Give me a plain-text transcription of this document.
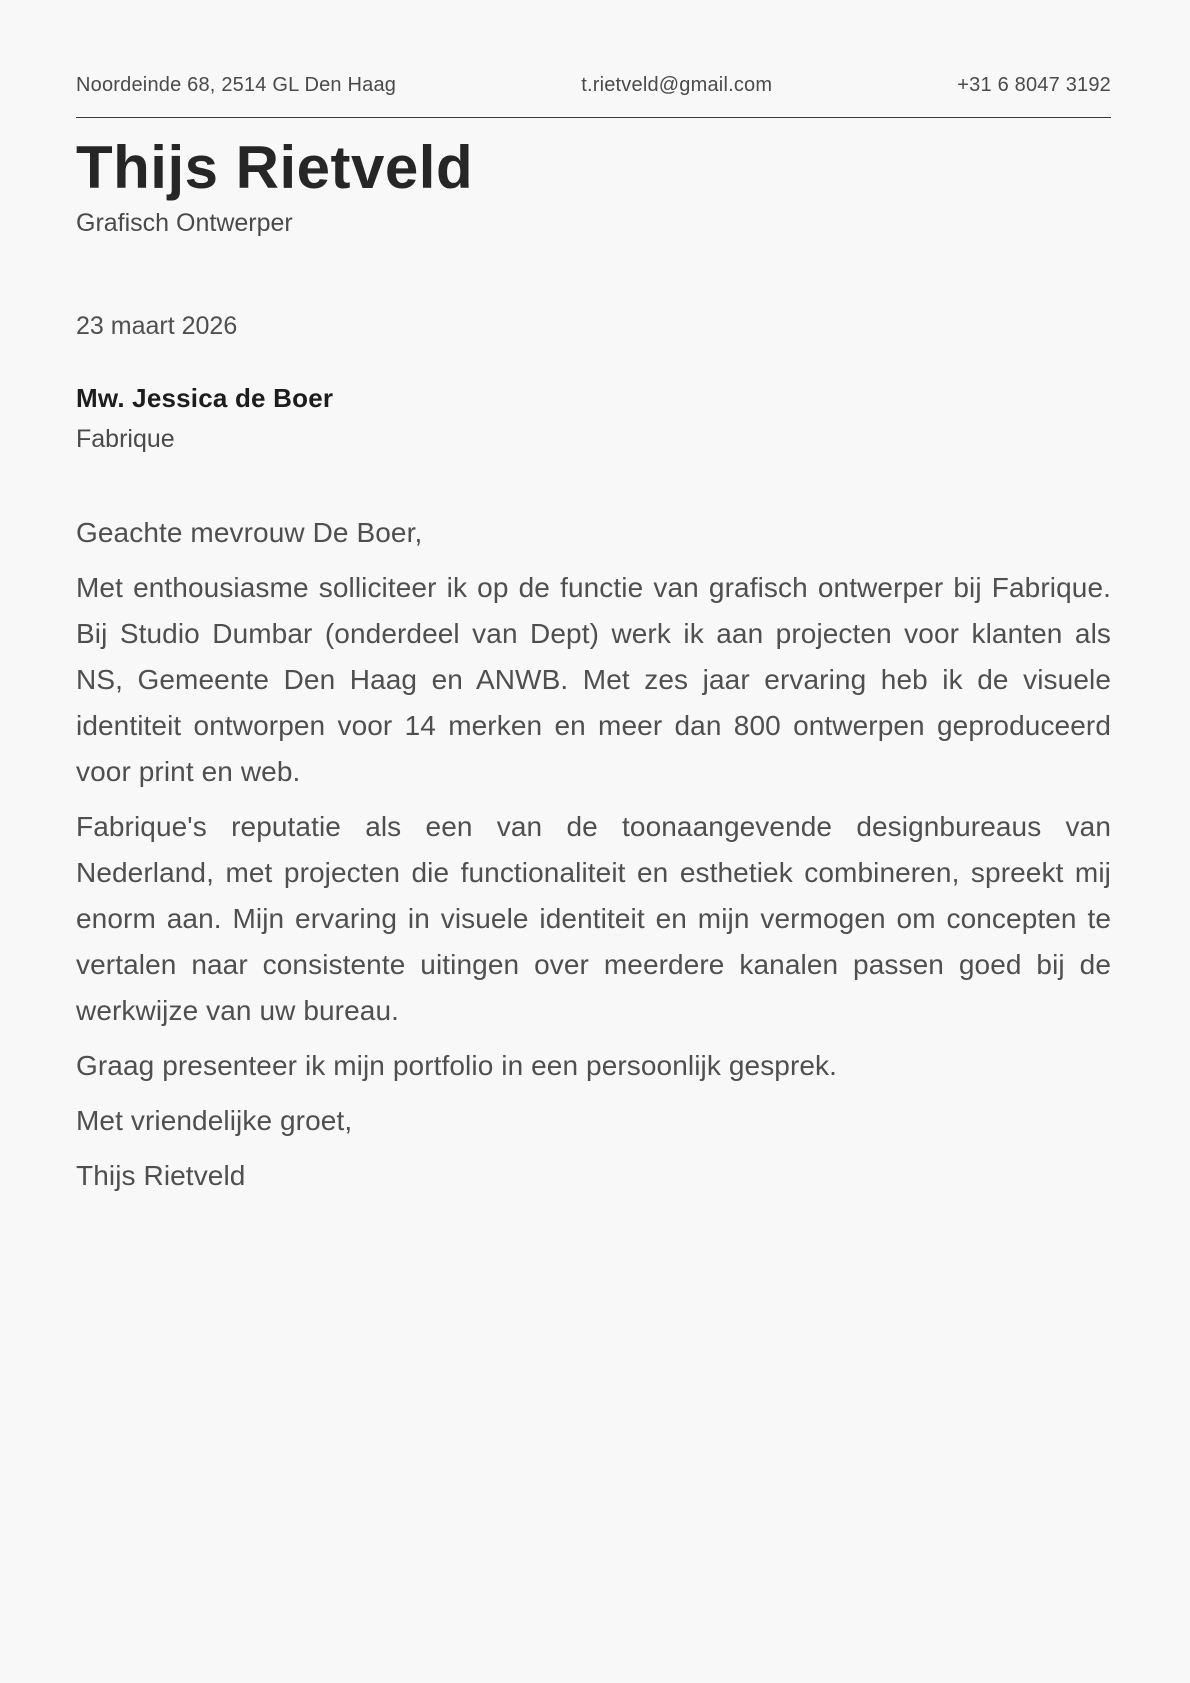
Noordeinde 68, 2514 GL Den Haag	t.rietveld@gmail.com	+31 6 8047 3192
Thijs Rietveld
Grafisch Ontwerper
23 maart 2026
Mw. Jessica de Boer
Fabrique

Geachte mevrouw De Boer,

Met enthousiasme solliciteer ik op de functie van grafisch ontwerper bij Fabrique. Bij Studio Dumbar (onderdeel van Dept) werk ik aan projecten voor klanten als NS, Gemeente Den Haag en ANWB. Met zes jaar ervaring heb ik de visuele identiteit ontworpen voor 14 merken en meer dan 800 ontwerpen geproduceerd voor print en web.

Fabrique's reputatie als een van de toonaangevende designbureaus van Nederland, met projecten die functionaliteit en esthetiek combineren, spreekt mij enorm aan. Mijn ervaring in visuele identiteit en mijn vermogen om concepten te vertalen naar consistente uitingen over meerdere kanalen passen goed bij de werkwijze van uw bureau.

Graag presenteer ik mijn portfolio in een persoonlijk gesprek.

Met vriendelijke groet,

Thijs Rietveld
